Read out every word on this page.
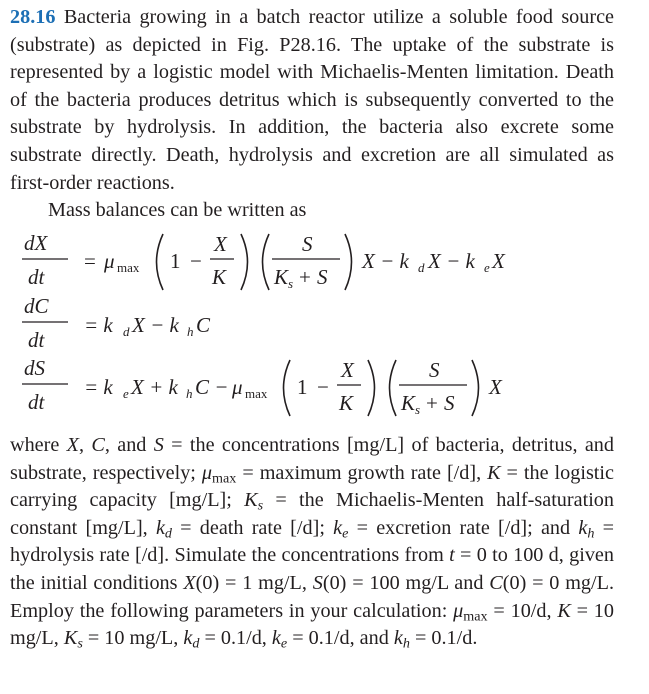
28.16 Bacteria growing in a batch reactor utilize a soluble food source (substrate) as depicted in Fig. P28.16. The uptake of the substrate is represented by a logistic model with Michaelis-Menten limitation. Death of the bacteria produces detritus which is subsequently converted to the substrate by hydrolysis. In addition, the bacteria also excrete some substrate directly. Death, hydrolysis and excretion are all simulated as first-order reactions.
Mass balances can be written as
dX
dt
= μ max 1 −
X
K
S
K s + S
X − k d X − k e X
dC
dt
= k d X − k h C
dS
dt
= k e X + k h C − μ max 1 −
X
K
S
K s + S
X
where X, C, and S = the concentrations [mg/L] of bacteria, detritus, and substrate, respectively; μmax = maximum growth rate [/d], K = the logistic carrying capacity [mg/L]; Ks = the Michaelis-Menten half-saturation constant [mg/L], kd = death rate [/d]; ke = excretion rate [/d]; and kh = hydrolysis rate [/d]. Simulate the concentrations from t = 0 to 100 d, given the initial conditions X(0) = 1 mg/L, S(0) = 100 mg/L and C(0) = 0 mg/L. Employ the following parameters in your calculation: μmax = 10/d, K = 10 mg/L, Ks = 10 mg/L, kd = 0.1/d, ke = 0.1/d, and kh = 0.1/d.
